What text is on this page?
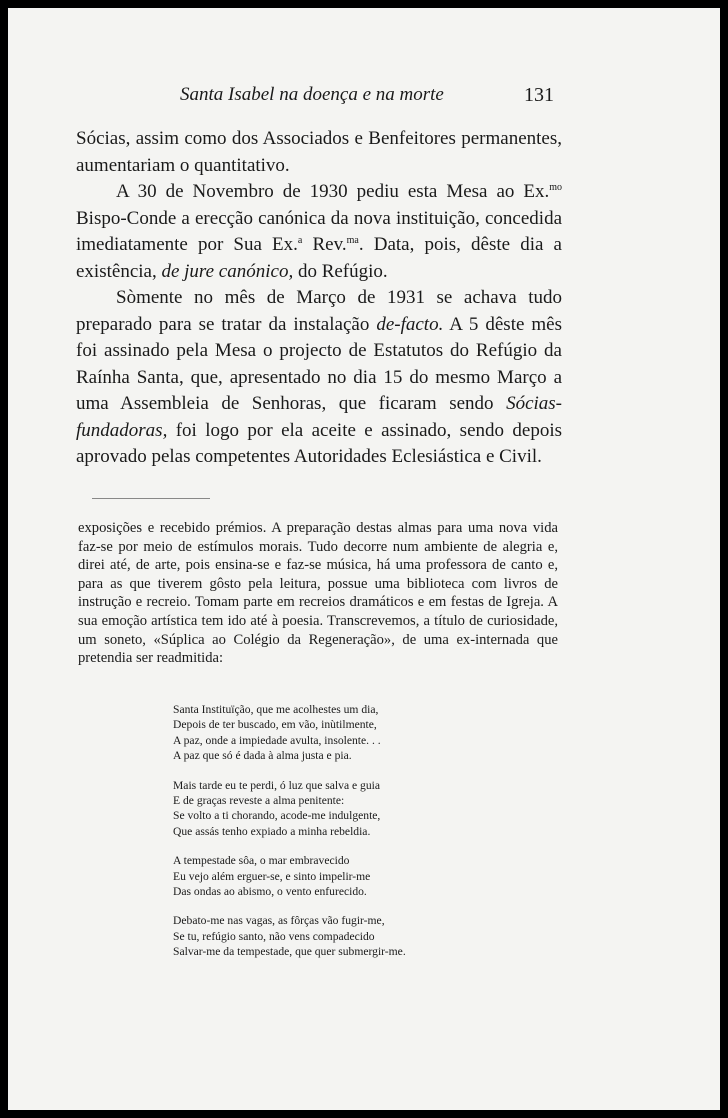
Santa Isabel na doença e na morte	131

Sócias, assim como dos Associados e Benfeitores permanentes, aumentariam o quantitativo.

A 30 de Novembro de 1930 pediu esta Mesa ao Ex.$^{mo}$ Bispo-Conde a erecção canónica da nova instituição, concedida imediatamente por Sua Ex.$^a$ Rev.$^{ma}$. Data, pois, dêste dia a existência, de jure canónico, do Refúgio.

Sòmente no mês de Março de 1931 se achava tudo preparado para se tratar da instalação de-facto. A 5 dêste mês foi assinado pela Mesa o projecto de Estatutos do Refúgio da Raínha Santa, que, apresentado no dia 15 do mesmo Março a uma Assembleia de Senhoras, que ficaram sendo Sócias-fundadoras, foi logo por ela aceite e assinado, sendo depois aprovado pelas competentes Autoridades Eclesiástica e Civil.

exposições e recebido prémios. A preparação destas almas para uma nova vida faz-se por meio de estímulos morais. Tudo decorre num ambiente de alegria e, direi até, de arte, pois ensina-se e faz-se música, há uma professora de canto e, para as que tiverem gôsto pela leitura, possue uma biblioteca com livros de instrução e recreio. Tomam parte em recreios dramáticos e em festas de Igreja. A sua emoção artística tem ido até à poesia. Transcrevemos, a título de curiosidade, um soneto, «Súplica ao Colégio da Regeneração», de uma ex-internada que pretendia ser readmitida:

Santa Instituïção, que me acolhestes um dia,
Depois de ter buscado, em vão, inùtilmente,
A paz, onde a impiedade avulta, insolente. . .
A paz que só é dada à alma justa e pia.
Mais tarde eu te perdi, ó luz que salva e guia
E de graças reveste a alma penitente:
Se volto a ti chorando, acode-me indulgente,
Que assás tenho expiado a minha rebeldia.
A tempestade sôa, o mar embravecido
Eu vejo além erguer-se, e sinto impelir-me
Das ondas ao abismo, o vento enfurecido.
Debato-me nas vagas, as fôrças vão fugir-me,
Se tu, refúgio santo, não vens compadecido
Salvar-me da tempestade, que quer submergir-me.
